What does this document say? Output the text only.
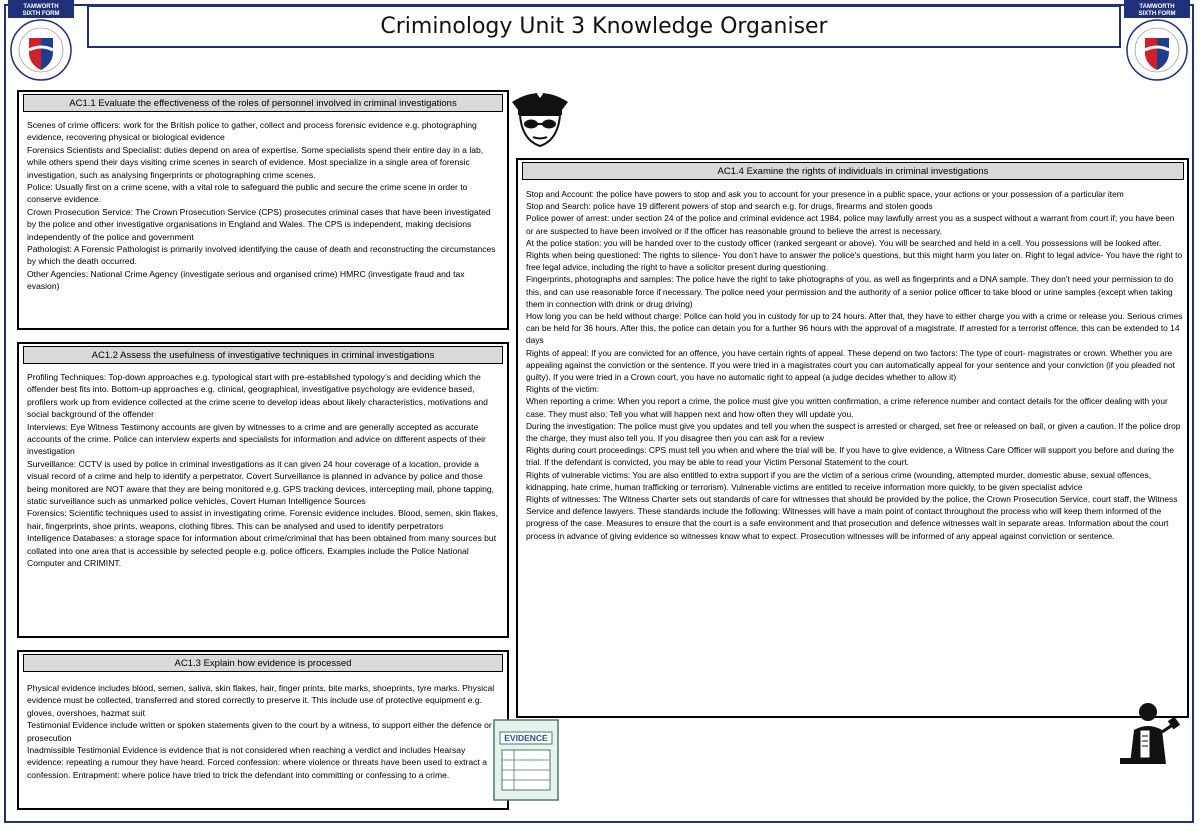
TAMWORTH
SIXTH FORM
TAMWORTH
SIXTH FORM
Criminology Unit 3 Knowledge Organiser
AC1.1 Evaluate the effectiveness of the roles of personnel involved in criminal investigations

Scenes of crime officers: work for the British police to gather, collect and process forensic evidence e.g. photographing evidence, recovering physical or biological evidence

Forensics Scientists and Specialist: duties depend on area of expertise. Some specialists spend their entire day in a lab, while others spend their days visiting crime scenes in search of evidence. Most specialize in a single area of forensic investigation, such as analysing fingerprints or photographing crime scenes.

Police: Usually first on a crime scene, with a vital role to safeguard the public and secure the crime scene in order to conserve evidence.

Crown Prosecution Service: The Crown Prosecution Service (CPS) prosecutes criminal cases that have been investigated by the police and other investigative organisations in England and Wales. The CPS is independent, making decisions independently of the police and government

Pathologist: A Forensic Pathologist is primarily involved identifying the cause of death and reconstructing the circumstances by which the death occurred.

Other Agencies: National Crime Agency (investigate serious and organised crime) HMRC (investigate fraud and tax evasion)

AC1.2 Assess the usefulness of investigative techniques in criminal investigations

Profiling Techniques: Top-down approaches e.g. typological start with pre-established typology’s and deciding which the offender best fits into. Bottom-up approaches e.g. clinical, geographical, investigative psychology are evidence based, profilers work up from evidence collected at the crime scene to develop ideas about likely characteristics, motivations and social background of the offender

Interviews: Eye Witness Testimony accounts are given by witnesses to a crime and are generally accepted as accurate accounts of the crime. Police can interview experts and specialists for information and advice on different aspects of their investigation

Surveillance: CCTV is used by police in criminal investigations as it can given 24 hour coverage of a location, provide a visual record of a crime and help to identify a perpetrator. Covert Surveillance is planned in advance by police and those being monitored are NOT aware that they are being monitored e.g. GPS tracking devices, intercepting mail, phone tapping, static surveillance such as unmarked police vehicles, Covert Human Intelligence Sources

Forensics: Scientific techniques used to assist in investigating crime. Forensic evidence includes. Blood, semen, skin flakes, hair, fingerprints, shoe prints, weapons, clothing fibres. This can be analysed and used to identify perpetrators

Intelligence Databases: a storage space for information about crime/criminal that has been obtained from many sources but collated into one area that is accessible by selected people e.g. police officers. Examples include the Police National Computer and CRIMINT.

AC1.3 Explain how evidence is processed

Physical evidence includes blood, semen, saliva, skin flakes, hair, finger prints, bite marks, shoeprints, tyre marks. Physical evidence must be collected, transferred and stored correctly to preserve it. This include use of protective equipment e.g. gloves, overshoes, hazmat suit

Testimonial Evidence include written or spoken statements given to the court by a witness, to support either the defence or prosecution

Inadmissible Testimonial Evidence is evidence that is not considered when reaching a verdict and includes Hearsay evidence: repeating a rumour they have heard. Forced confession: where violence or threats have been used to extract a confession. Entrapment: where police have tried to trick the defendant into committing or confessing to a crime.

AC1.4 Examine the rights of individuals in criminal investigations

Stop and Account: the police have powers to stop and ask you to account for your presence in a public space, your actions or your possession of a particular item

Stop and Search: police have 19 different powers of stop and search e.g. for drugs, firearms and stolen goods

Police power of arrest: under section 24 of the police and criminal evidence act 1984, police may lawfully arrest you as a suspect without a warrant from court if; you have been or are suspected to have been involved or if the officer has reasonable ground to believe the arrest is necessary.

At the police station: you will be handed over to the custody officer (ranked sergeant or above). You will be searched and held in a cell. You possessions will be looked after.

Rights when being questioned: The rights to silence- You don’t have to answer the police’s questions, but this might harm you later on. Right to legal advice- You have the right to free legal advice, including the right to have a solicitor present during questioning.

Fingerprints, photographs and samples: The police have the right to take photographs of you, as well as fingerprints and a DNA sample. They don’t need your permission to do this, and can use reasonable force if necessary. The police need your permission and the authority of a senior police officer to take blood or urine samples (except when taking them in connection with drink or drug driving)

How long you can be held without charge: Police can hold you in custody for up to 24 hours. After that, they have to either charge you with a crime or release you. Serious crimes can be held for 36 hours. After this, the police can detain you for a further 96 hours with the approval of a magistrate. If arrested for a terrorist offence, this can be extended to 14 days

Rights of appeal: If you are convicted for an offence, you have certain rights of appeal. These depend on two factors: The type of court- magistrates or crown. Whether you are appealing against the conviction or the sentence. If you were tried in a magistrates court you can automatically appeal for your sentence and your conviction (if you pleaded not guilty). If you were tried in a Crown court, you have no automatic right to appeal (a judge decides whether to allow it)

Rights of the victim:

When reporting a crime: When you report a crime, the police must give you written confirmation, a crime reference number and contact details for the officer dealing with your case. They must also: Tell you what will happen next and how often they will update you.

During the investigation: The police must give you updates and tell you when the suspect is arrested or charged, set free or released on bail, or given a caution. If the police drop the charge, they must also tell you. If you disagree then you can ask for a review

Rights during court proceedings: CPS must tell you when and where the trial will be. If you have to give evidence, a Witness Care Officer will support you before and during the trial. If the defendant is convicted, you may be able to read your Victim Personal Statement to the court.

Rights of vulnerable victims: You are also entitled to extra support if you are the victim of a serious crime (wounding, attempted murder, domestic abuse, sexual offences, kidnapping, hate crime, human trafficking or terrorism). Vulnerable victims are entitled to receive information more quickly, to be given specialist advice

Rights of witnesses: The Witness Charter sets out standards of care for witnesses that should be provided by the police, the Crown Prosecution Service, court staff, the Witness Service and defence lawyers. These standards include the following: Witnesses will have a main point of contact throughout the process who will keep them informed of the progress of the case. Measures to ensure that the court is a safe environment and that prosecution and defence witnesses wait in separate areas. Information about the court process in advance of giving evidence so witnesses know what to expect. Prosecution witnesses will be informed of any appeal against conviction or sentence.

EVIDENCE
